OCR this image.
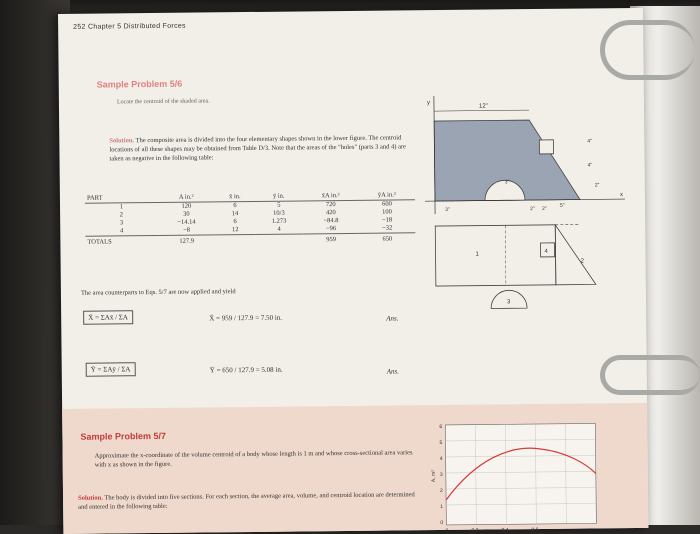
252 Chapter 5 Distributed Forces
Sample Problem 5/6
Locate the centroid of the shaded area.
Solution. The composite area is divided into the four elementary shapes shown in the lower figure. The centroid locations of all these shapes may be obtained from Table D/3. Note that the areas of the "holes" (parts 3 and 4) are taken as negative in the following table:
PART	A in.²	x̄ in.	ȳ in.	x̄A in.³	ȳA in.³
1	120	6	5	720	600
2	30	14	10/3	420	100
3	−14.14	6	1.273	−84.8	−18
4	−8	12	4	−96	−32
TOTALS	127.9			959	650
The area counterparts to Eqs. 5/7 are now applied and yield
X̄ = ΣAx̄ / ΣA	X̄ = 959 / 127.9 = 7.50 in.	Ans.
Ȳ = ΣAȳ / ΣA	Ȳ = 650 / 127.9 = 5.08 in.	Ans.
12"
y
x
4"
4"
2"
3"
3"	2" 2"
5"
1
2
3
4
Sample Problem 5/7
Approximate the x-coordinate of the volume centroid of a body whose length is 1 m and whose cross-sectional area varies with x as shown in the figure.
Solution. The body is divided into five sections. For each section, the average area, volume, and centroid location are determined and entered in the following table:
A, m²
6
5
4
3
2
1
0
0	0.2	0.4	0.6
